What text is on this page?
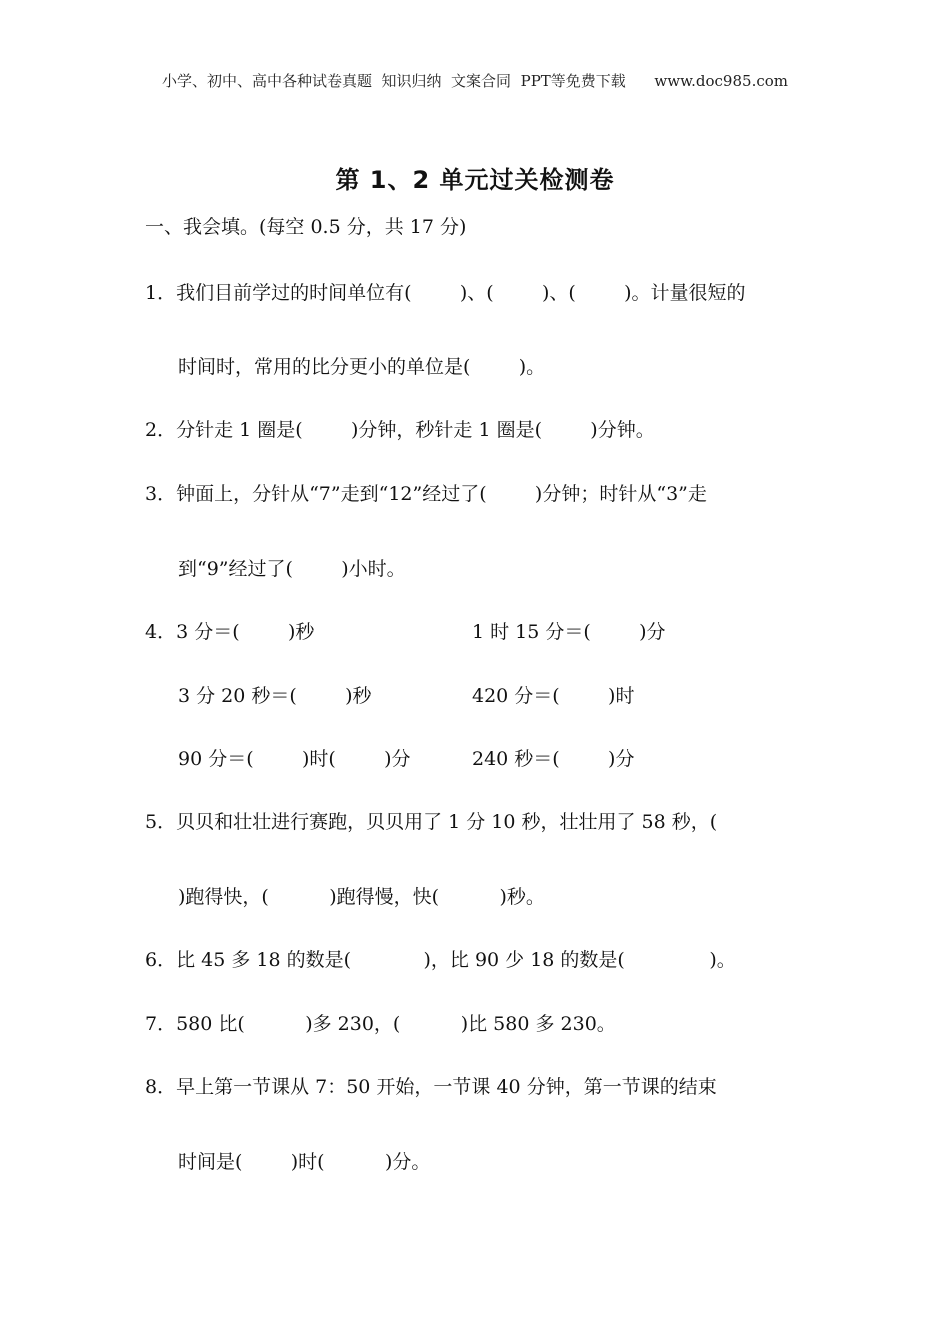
小学、初中、高中各种试卷真题  知识归纳  文案合同  PPT等免费下载      www.doc985.com
第 1、2 单元过关检测卷
一、我会填。(每空 0.5 分，共 17 分)
1．我们目前学过的时间单位有(        )、(        )、(        )。计量很短的
时间时，常用的比分更小的单位是(        )。
2．分针走 1 圈是(        )分钟，秒针走 1 圈是(        )分钟。
3．钟面上，分针从“7”走到“12”经过了(        )分钟；时针从“3”走
到“9”经过了(        )小时。
4．3 分＝(        )秒	1 时 15 分＝(        )分
3 分 20 秒＝(        )秒	420 分＝(        )时
90 分＝(        )时(        )分	240 秒＝(        )分
5．贝贝和壮壮进行赛跑，贝贝用了 1 分 10 秒，壮壮用了 58 秒，(
)跑得快，(          )跑得慢，快(          )秒。
6．比 45 多 18 的数是(            )，比 90 少 18 的数是(              )。
7．580 比(          )多 230，(          )比 580 多 230。
8．早上第一节课从 7：50 开始，一节课 40 分钟，第一节课的结束
时间是(        )时(          )分。
